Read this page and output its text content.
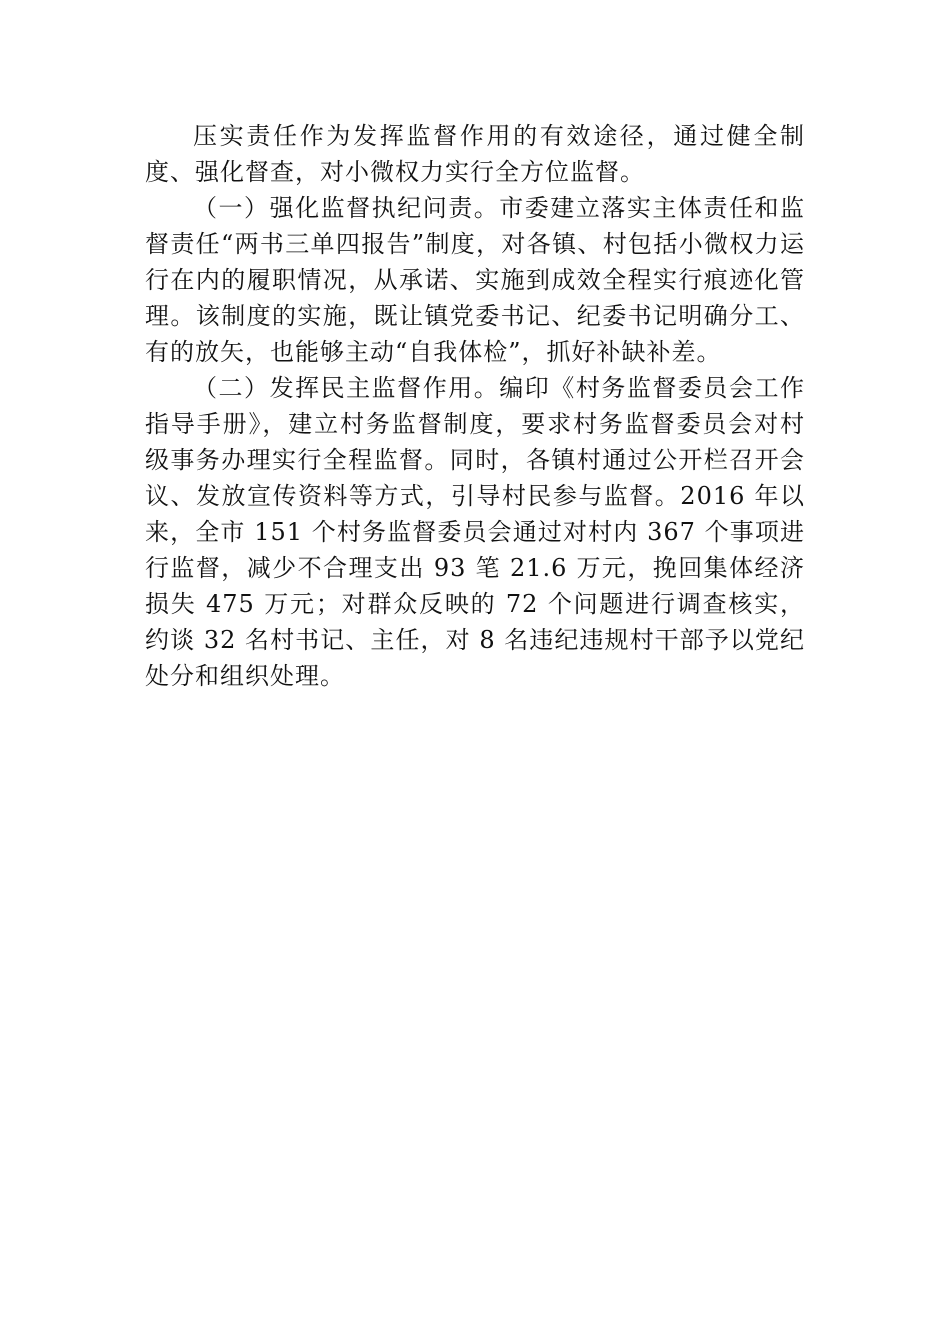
压实责任作为发挥监督作用的有效途径，通过健全制度、强化督查，对小微权力实行全方位监督。

（一）强化监督执纪问责。市委建立落实主体责任和监督责任“两书三单四报告”制度，对各镇、村包括小微权力运行在内的履职情况，从承诺、实施到成效全程实行痕迹化管理。该制度的实施，既让镇党委书记、纪委书记明确分工、有的放矢，也能够主动“自我体检”，抓好补缺补差。

（二）发挥民主监督作用。编印《村务监督委员会工作指导手册》，建立村务监督制度，要求村务监督委员会对村级事务办理实行全程监督。同时，各镇村通过公开栏召开会议、发放宣传资料等方式，引导村民参与监督。2016 年以来，全市 151 个村务监督委员会通过对村内 367 个事项进行监督，减少不合理支出 93 笔 21.6 万元，挽回集体经济损失 475 万元；对群众反映的 72 个问题进行调查核实，约谈 32 名村书记、主任，对 8 名违纪违规村干部予以党纪处分和组织处理。
